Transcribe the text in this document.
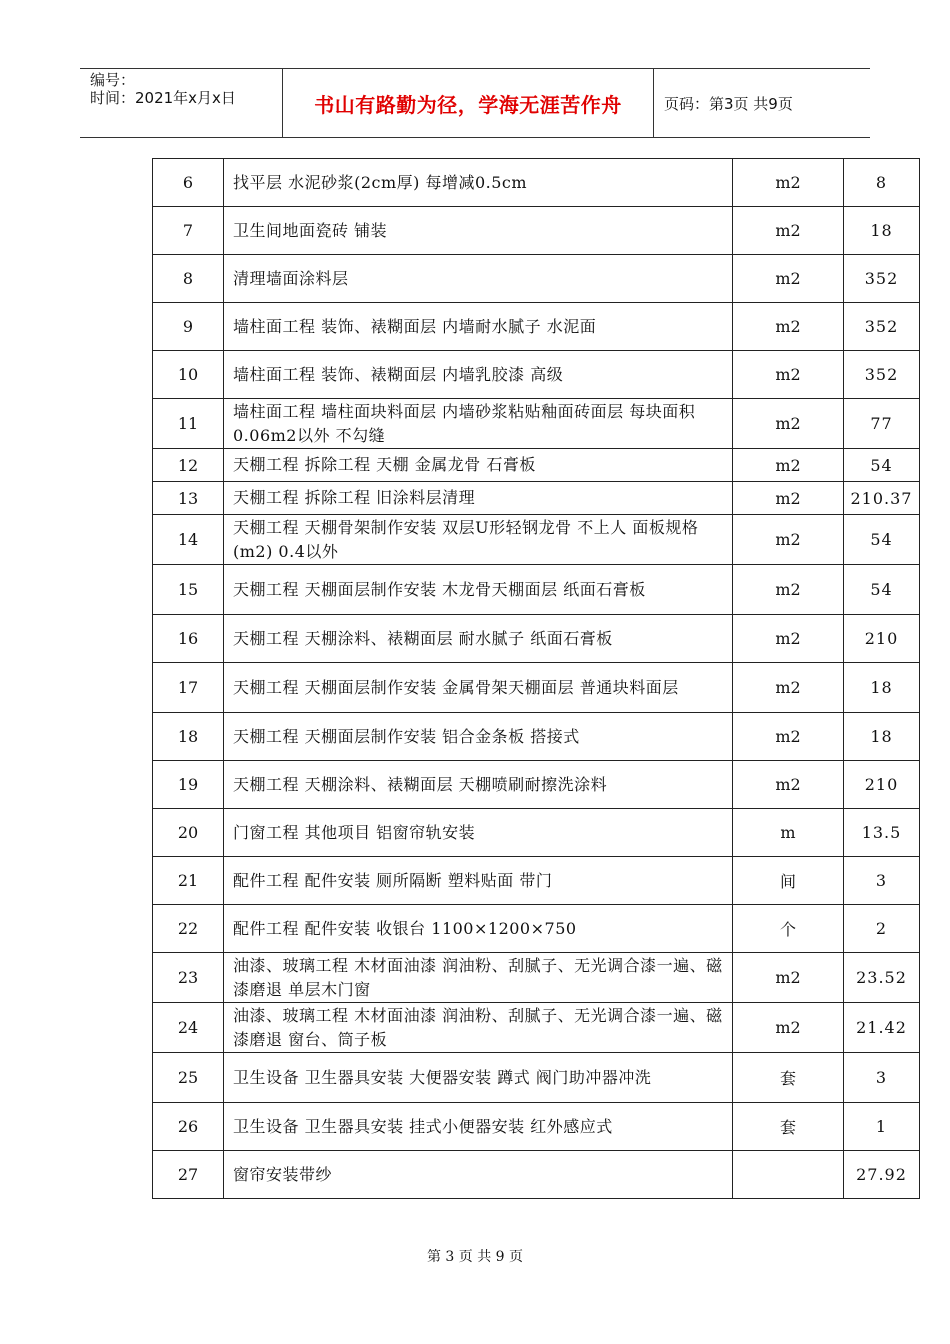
编号：
时间：2021年x月x日	书山有路勤为径，学海无涯苦作舟	页码：第3页 共9页
6	找平层 水泥砂浆(2cm厚) 每增减0.5cm	m2	8
7	卫生间地面瓷砖 铺装	m2	18
8	清理墙面涂料层	m2	352
9	墙柱面工程 装饰、裱糊面层 内墙耐水腻子 水泥面	m2	352
10	墙柱面工程 装饰、裱糊面层 内墙乳胶漆 高级	m2	352
11	墙柱面工程 墙柱面块料面层 内墙砂浆粘贴釉面砖面层 每块面积0.06m2以外 不勾缝	m2	77
12	天棚工程 拆除工程 天棚 金属龙骨 石膏板	m2	54
13	天棚工程 拆除工程 旧涂料层清理	m2	210.37
14	天棚工程 天棚骨架制作安装 双层U形轻钢龙骨 不上人 面板规格(m2) 0.4以外	m2	54
15	天棚工程 天棚面层制作安装 木龙骨天棚面层 纸面石膏板	m2	54
16	天棚工程 天棚涂料、裱糊面层 耐水腻子 纸面石膏板	m2	210
17	天棚工程 天棚面层制作安装 金属骨架天棚面层 普通块料面层	m2	18
18	天棚工程 天棚面层制作安装 铝合金条板 搭接式	m2	18
19	天棚工程 天棚涂料、裱糊面层 天棚喷刷耐擦洗涂料	m2	210
20	门窗工程 其他项目 铝窗帘轨安装	m	13.5
21	配件工程 配件安装 厕所隔断 塑料贴面 带门	间	3
22	配件工程 配件安装 收银台 1100×1200×750	个	2
23	油漆、玻璃工程 木材面油漆 润油粉、刮腻子、无光调合漆一遍、磁漆磨退 单层木门窗	m2	23.52
24	油漆、玻璃工程 木材面油漆 润油粉、刮腻子、无光调合漆一遍、磁漆磨退 窗台、筒子板	m2	21.42
25	卫生设备 卫生器具安装 大便器安装 蹲式 阀门助冲器冲洗	套	3
26	卫生设备 卫生器具安装 挂式小便器安装 红外感应式	套	1
27	窗帘安装带纱		27.92
第 3 页 共 9 页
